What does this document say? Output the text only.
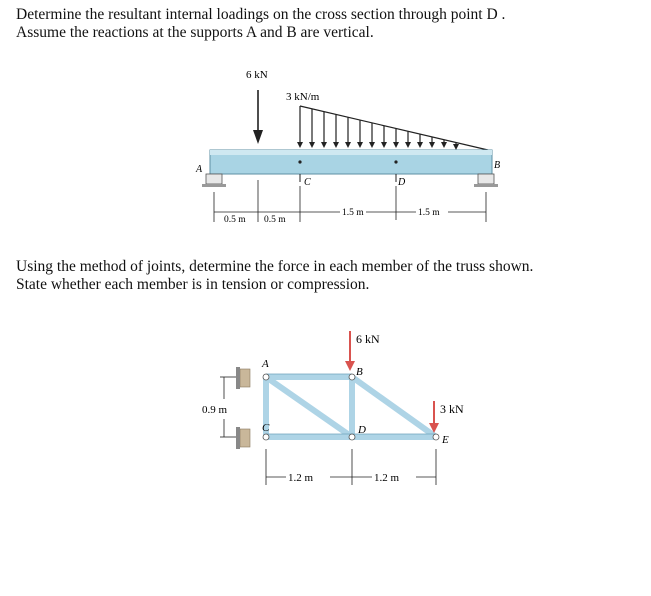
Determine the resultant internal loadings on the cross section through point D .
Assume the reactions at the supports A and B are vertical.
6 kN
3 kN/m
C	D
A	B
0.5 m 0.5 m
1.5 m	1.5 m
Using the method of joints, determine the force in each member of the truss shown.
State whether each member is in tension or compression.
A
B
C	D
E
6 kN
3 kN
0.9 m
1.2 m	1.2 m
